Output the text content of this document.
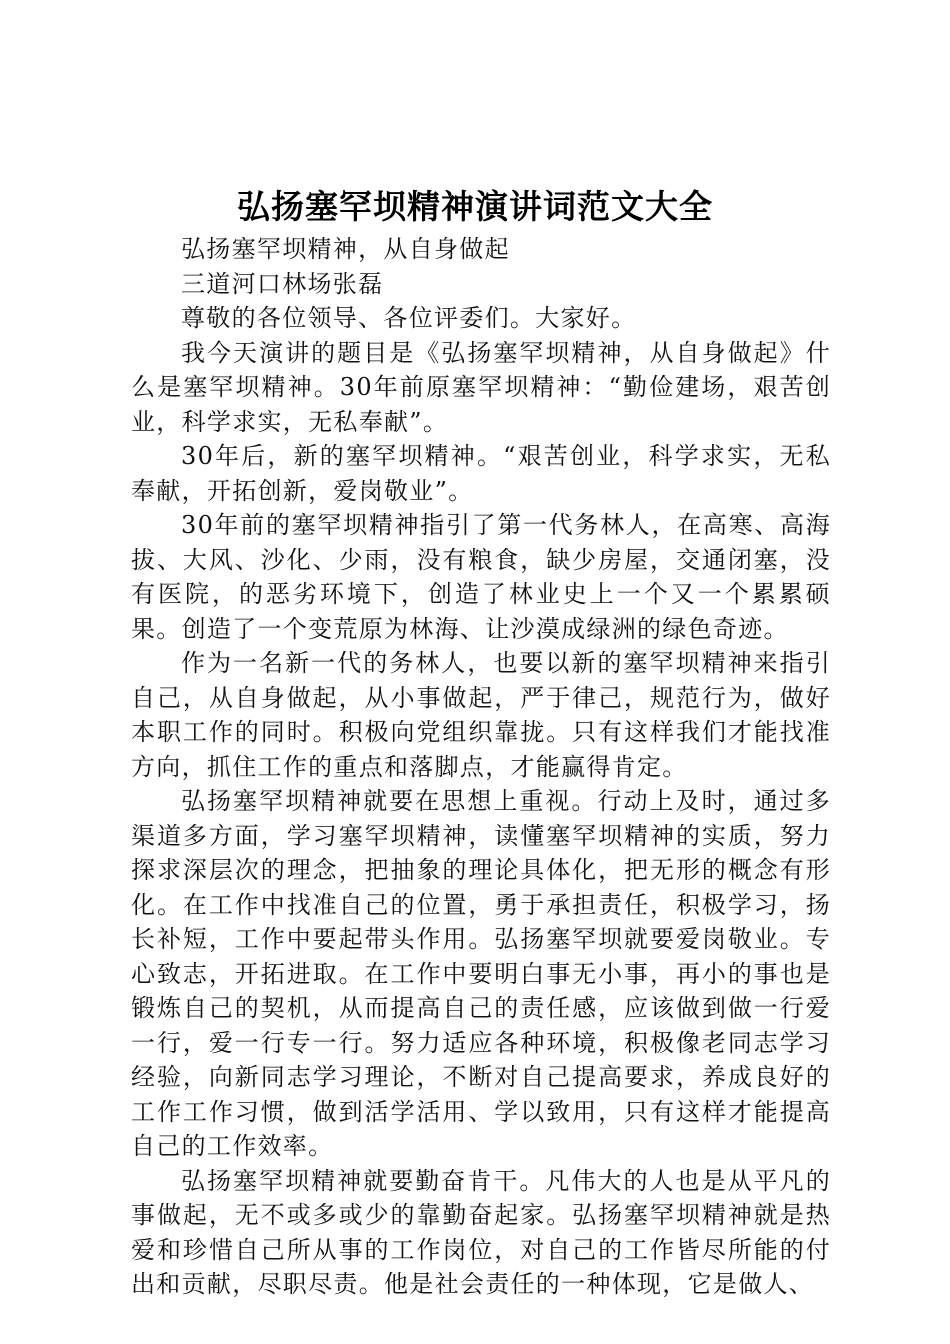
弘扬塞罕坝精神演讲词范文大全

弘扬塞罕坝精神，从自身做起

三道河口林场张磊

尊敬的各位领导、各位评委们。大家好。

我今天演讲的题目是《弘扬塞罕坝精神，从自身做起》什么是塞罕坝精神。30年前原塞罕坝精神：“勤俭建场，艰苦创业，科学求实，无私奉献”。

30年后，新的塞罕坝精神。“艰苦创业，科学求实，无私奉献，开拓创新，爱岗敬业”。

30年前的塞罕坝精神指引了第一代务林人，在高寒、高海拔、大风、沙化、少雨，没有粮食，缺少房屋，交通闭塞，没有医院，的恶劣环境下，创造了林业史上一个又一个累累硕果。创造了一个变荒原为林海、让沙漠成绿洲的绿色奇迹。

作为一名新一代的务林人，也要以新的塞罕坝精神来指引自己，从自身做起，从小事做起，严于律己，规范行为，做好本职工作的同时。积极向党组织靠拢。只有这样我们才能找准方向，抓住工作的重点和落脚点，才能赢得肯定。

弘扬塞罕坝精神就要在思想上重视。行动上及时，通过多渠道多方面，学习塞罕坝精神，读懂塞罕坝精神的实质，努力探求深层次的理念，把抽象的理论具体化，把无形的概念有形化。在工作中找准自己的位置，勇于承担责任，积极学习，扬长补短，工作中要起带头作用。弘扬塞罕坝就要爱岗敬业。专心致志，开拓进取。在工作中要明白事无小事，再小的事也是锻炼自己的契机，从而提高自己的责任感，应该做到做一行爱一行，爱一行专一行。努力适应各种环境，积极像老同志学习经验，向新同志学习理论，不断对自己提高要求，养成良好的工作工作习惯，做到活学活用、学以致用，只有这样才能提高自己的工作效率。

弘扬塞罕坝精神就要勤奋肯干。凡伟大的人也是从平凡的事做起，无不或多或少的靠勤奋起家。弘扬塞罕坝精神就是热爱和珍惜自己所从事的工作岗位，对自己的工作皆尽所能的付出和贡献，尽职尽责。他是社会责任的一种体现，它是做人、
